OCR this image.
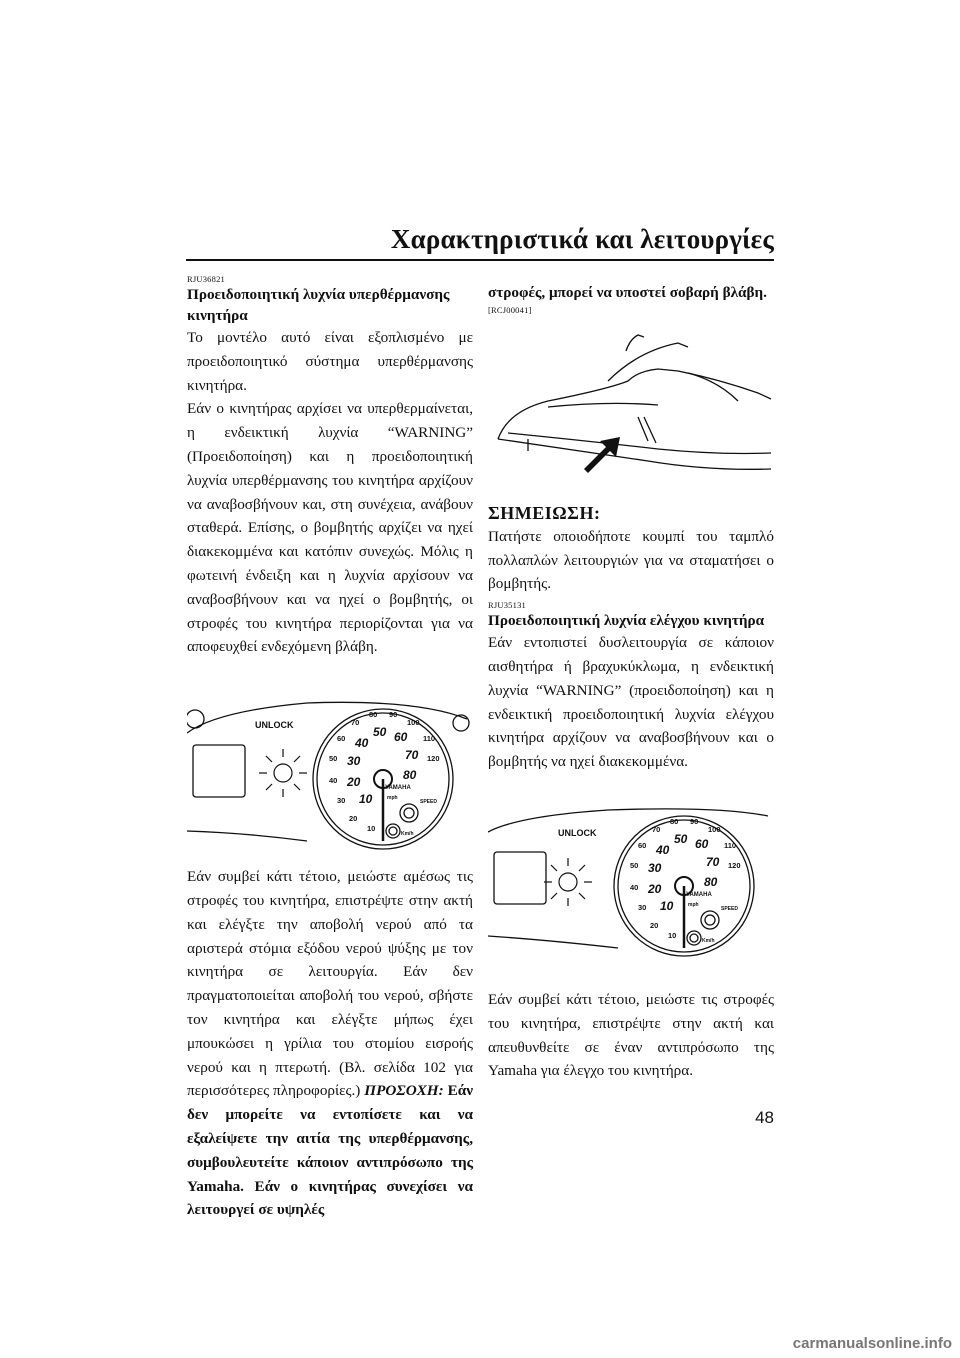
Χαρακτηριστικά και λειτουργίες
RJU36821
Προειδοποιητική λυχνία υπερθέρμανσης κινητήρα

Το μοντέλο αυτό είναι εξοπλισμένο με προειδοποιητικό σύστημα υπερθέρμανσης κινητήρα.

Εάν ο κινητήρας αρχίσει να υπερθερμαίνεται, η ενδεικτική λυχνία “WARNING” (Προειδοποίηση) και η προειδοποιητική λυχνία υπερθέρμανσης του κινητήρα αρχίζουν να αναβοσβήνουν και, στη συνέχεια, ανάβουν σταθερά. Επίσης, ο βομβητής αρχίζει να ηχεί διακεκομμένα και κατόπιν συνεχώς. Μόλις η φωτεινή ένδειξη και η λυχνία αρχίσουν να αναβοσβήνουν και να ηχεί ο βομβητής, οι στροφές του κινητήρα περιορίζονται για να αποφευχθεί ενδεχόμενη βλάβη.

UNLOCK
10
20
30
40
50
60
70
80 90
100
110
120
10
20
30
40
50 60
70
80
YAMAHA
SPEED
mph
Km/h

Εάν συμβεί κάτι τέτοιο, μειώστε αμέσως τις στροφές του κινητήρα, επιστρέψτε στην ακτή και ελέγξτε την αποβολή νερού από τα αριστερά στόμια εξόδου νερού ψύξης με τον κινητήρα σε λειτουργία. Εάν δεν πραγματοποιείται αποβολή του νερού, σβήστε τον κινητήρα και ελέγξτε μήπως έχει μπουκώσει η γρίλια του στομίου εισροής νερού και η πτερωτή. (Βλ. σελίδα 102 για περισσότερες πληροφορίες.) ΠΡΟΣΟΧΗ: Εάν δεν μπορείτε να εντοπίσετε και να εξαλείψετε την αιτία της υπερθέρμανσης, συμβουλευτείτε κάποιον αντιπρόσωπο της Yamaha. Εάν ο κινητήρας συνεχίσει να λειτουργεί σε υψηλές

στροφές, μπορεί να υποστεί σοβαρή βλάβη.

[RCJ00041]
ΣΗΜΕΙΩΣΗ:

Πατήστε οποιοδήποτε κουμπί του ταμπλό πολλαπλών λειτουργιών για να σταματήσει ο βομβητής.

RJU35131
Προειδοποιητική λυχνία ελέγχου κινητήρα

Εάν εντοπιστεί δυσλειτουργία σε κάποιον αισθητήρα ή βραχυκύκλωμα, η ενδεικτική λυχνία “WARNING” (προειδοποίηση) και η ενδεικτική προειδοποιητική λυχνία ελέγχου κινητήρα αρχίζουν να αναβοσβήνουν και ο βομβητής να ηχεί διακεκομμένα.

UNLOCK
10
20
30
40
50
60
70
80 90
100
110
120
10
20
30
40
50 60
70
80
YAMAHA
SPEED
mph
Km/h

Εάν συμβεί κάτι τέτοιο, μειώστε τις στροφές του κινητήρα, επιστρέψτε στην ακτή και απευθυνθείτε σε έναν αντιπρόσωπο της Yamaha για έλεγχο του κινητήρα.

48
carmanualsonline.info
